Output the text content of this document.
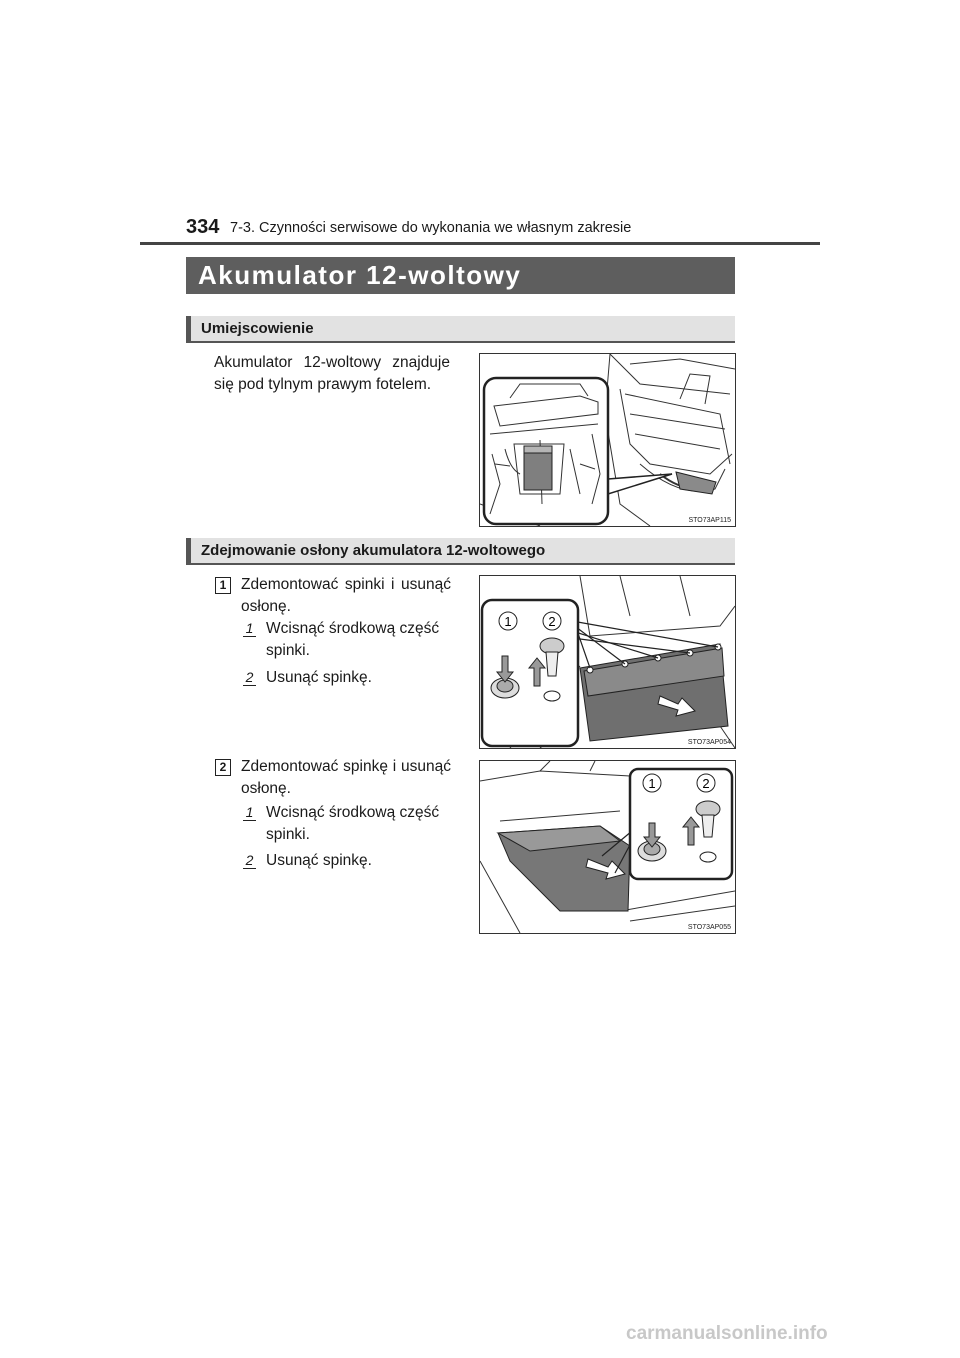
334 7-3. Czynności serwisowe do wykonania we własnym zakresie
Akumulator 12-woltowy
Umiejscowienie
Akumulator 12-woltowy znajduje się pod tylnym prawym fotelem.
STO73AP115
Zdejmowanie osłony akumulatora 12-woltowego
1 Zdemontować spinki i usunąć osłonę.
1 Wcisnąć środkową część spinki.
2 Usunąć spinkę.
1	2
STO73AP054
2 Zdemontować spinkę i usunąć osłonę.
1 Wcisnąć środkową część spinki.
2 Usunąć spinkę.
1	2
STO73AP055
carmanualsonline.info
